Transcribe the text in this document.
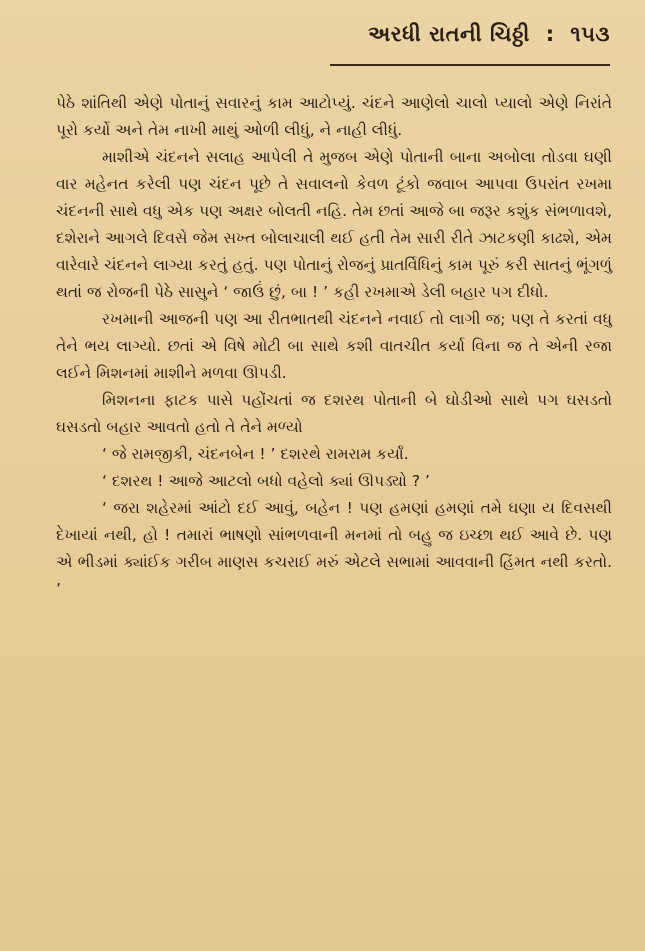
અરધી રાતની ચિઠ્ઠી : ૧૫૩

પેઠે શાંતિથી એણે પોતાનું સવારનું કામ આટોપ્યું. ચંદને આણેલો ચાલો પ્યાલો એણે નિરાંતે પૂરો કર્યો અને તેમ નાખી માથું ઓળી લીધું, ને નાહી લીધું.

માશીએ ચંદનને સલાહ આપેલી તે મુજબ એણે પોતાની બાના અબોલા તોડવા ઘણી વાર મહેનત કરેલી પણ ચંદન પૂછે તે સવાલનો કેવળ ટૂંકો જવાબ આપવા ઉપરાંત રખમા ચંદનની સાથે વધુ એક પણ અક્ષર બોલતી નહિ. તેમ છતાં આજે બા જરૂર કશુંક સંભળાવશે, દશેરાને આગલે દિવસે જેમ સખ્ત બોલાચાલી થઈ હતી તેમ સારી રીતે ઝાટકણી કાઢશે, એમ વારેવારે ચંદનને લાગ્યા કરતું હતું. પણ પોતાનું રોજનું પ્રાતર્વિધિનું કામ પૂરું કરી સાતનું ભૂંગળું થતાં જ રોજની પેઠે સાસુને ‘ જાઉં છું, બા ! ’ કહી રખમાએ ડેલી બહાર પગ દીધો.

રખમાની આજની પણ આ રીતભાતથી ચંદનને નવાઈ તો લાગી જ; પણ તે કરતાં વધુ તેને ભય લાગ્યો. છતાં એ વિષે મોટી બા સાથે કશી વાતચીત કર્યા વિના જ તે એની રજા લઈને મિશનમાં માશીને મળવા ઊપડી.

મિશનના ફાટક પાસે પહોંચતાં જ દશરથ પોતાની બે ઘોડીઓ સાથે પગ ઘસડતો ઘસડતો બહાર આવતો હતો તે તેને મળ્યો

‘ જે રામજીકી, ચંદનબેન ! ’ દશરથે રામરામ કર્યાં.

‘ દશરથ ! આજે આટલો બધો વહેલો ક્યાં ઊપડ્યો ? ’

‘ જરા શહેરમાં આંટો દઈ આવું, બહેન ! પણ હમણાં હમણાં તમે ઘણા ય દિવસથી દેખાયાં નથી, હો ! તમારાં ભાષણો સાંભળવાની મનમાં તો બહુ જ ઇચ્છા થઈ આવે છે. પણ એ ભીડમાં ક્યાંઈક ગરીબ માણસ કચરાઈ મરું એટલે સભામાં આવવાની હિંમત નથી કરતો. ’
